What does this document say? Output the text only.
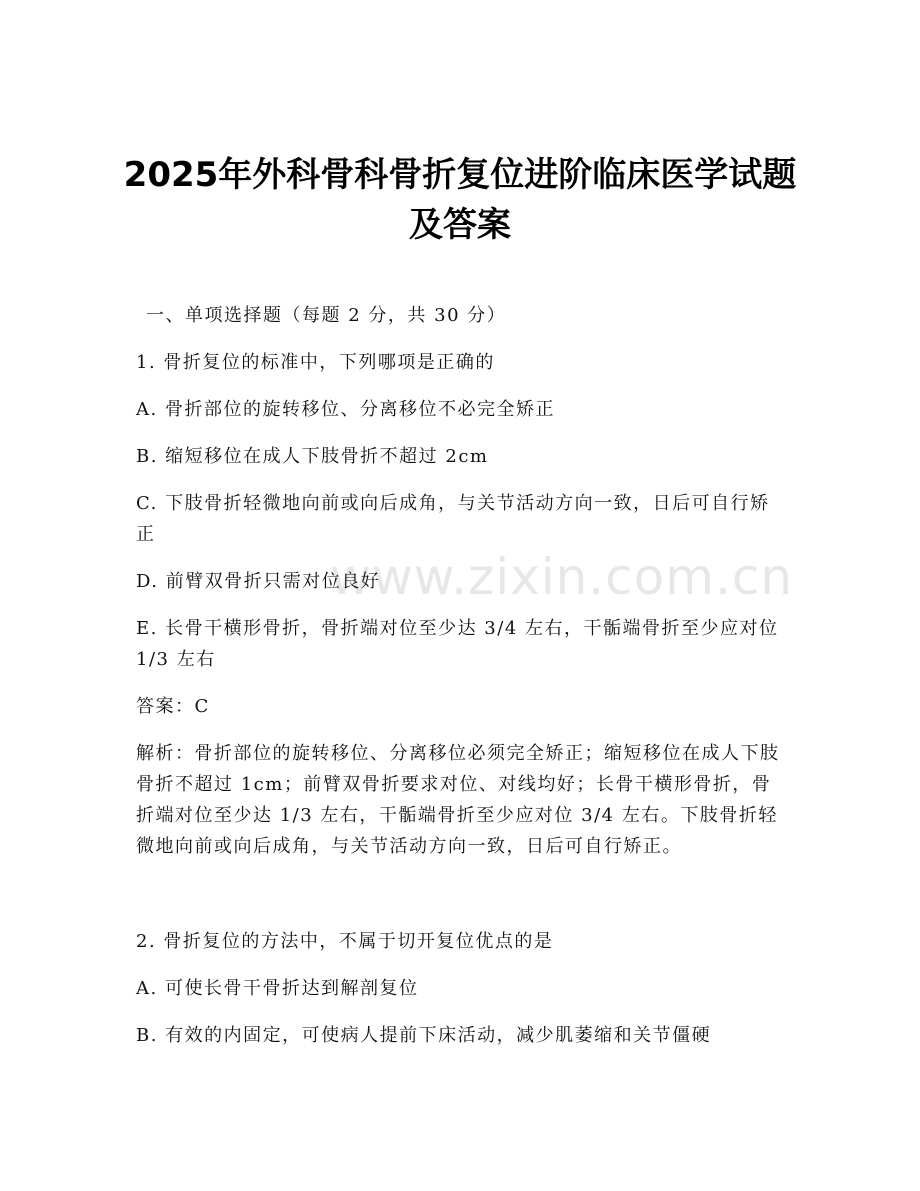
2025年外科骨科骨折复位进阶临床医学试题
及答案
www.zixin.com.cn

一、单项选择题（每题 2 分，共 30 分）

1. 骨折复位的标准中，下列哪项是正确的

A. 骨折部位的旋转移位、分离移位不必完全矫正

B. 缩短移位在成人下肢骨折不超过 2cm

C. 下肢骨折轻微地向前或向后成角，与关节活动方向一致，日后可自行矫正

D. 前臂双骨折只需对位良好

E. 长骨干横形骨折，骨折端对位至少达 3/4 左右，干骺端骨折至少应对位 1/3 左右

答案：C

解析：骨折部位的旋转移位、分离移位必须完全矫正；缩短移位在成人下肢骨折不超过 1cm；前臂双骨折要求对位、对线均好；长骨干横形骨折，骨折端对位至少达 1/3 左右，干骺端骨折至少应对位 3/4 左右。下肢骨折轻微地向前或向后成角，与关节活动方向一致，日后可自行矫正。

2. 骨折复位的方法中，不属于切开复位优点的是

A. 可使长骨干骨折达到解剖复位

B. 有效的内固定，可使病人提前下床活动，减少肌萎缩和关节僵硬
